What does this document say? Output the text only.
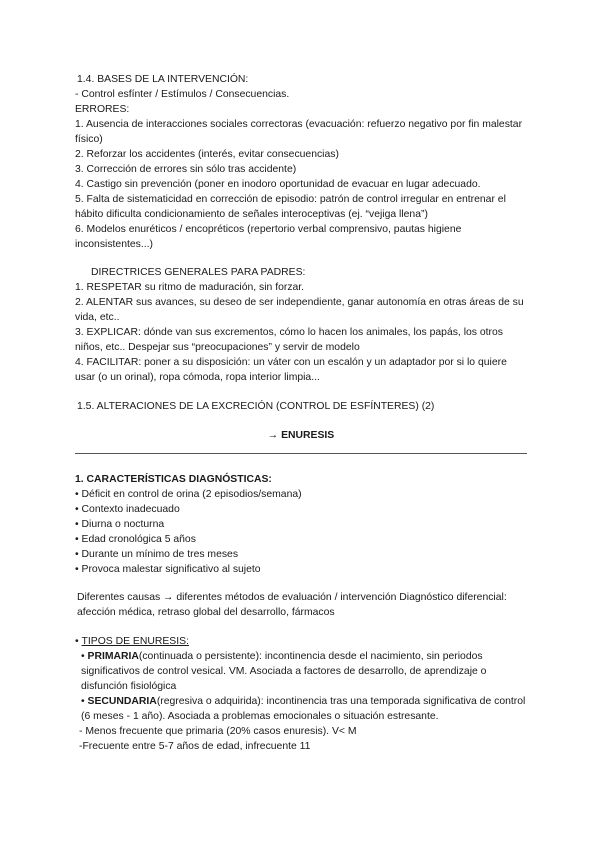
1.4. BASES DE LA INTERVENCIÓN:

- Control esfínter / Estímulos / Consecuencias.

ERRORES:

1. Ausencia de interacciones sociales correctoras (evacuación: refuerzo negativo por fin malestar físico)

2. Reforzar los accidentes (interés, evitar consecuencias)

3. Corrección de errores sin sólo tras accidente)

4. Castigo sin prevención (poner en inodoro oportunidad de evacuar en lugar adecuado.

5. Falta de sistematicidad en corrección de episodio: patrón de control irregular en entrenar el hábito dificulta condicionamiento de señales interoceptivas (ej. “vejiga llena”)

6. Modelos enuréticos / encopréticos (repertorio verbal comprensivo, pautas higiene inconsistentes...)

DIRECTRICES GENERALES PARA PADRES:

1. RESPETAR su ritmo de maduración, sin forzar.

2. ALENTAR sus avances, su deseo de ser independiente, ganar autonomía en otras áreas de su vida, etc..

3. EXPLICAR: dónde van sus excrementos, cómo lo hacen los animales, los papás, los otros niños, etc.. Despejar sus “preocupaciones” y servir de modelo

4. FACILITAR: poner a su disposición: un váter con un escalón y un adaptador por si lo quiere usar (o un orinal), ropa cómoda, ropa interior limpia...

1.5. ALTERACIONES DE LA EXCRECIÓN (CONTROL DE ESFÍNTERES) (2)

→ ENURESIS

1. CARACTERÍSTICAS DIAGNÓSTICAS:

• Déficit en control de orina (2 episodios/semana)

• Contexto inadecuado

• Diurna o nocturna

• Edad cronológica 5 años

• Durante un mínimo de tres meses

• Provoca malestar significativo al sujeto

Diferentes causas → diferentes métodos de evaluación / intervención Diagnóstico diferencial: afección médica, retraso global del desarrollo, fármacos

• TIPOS DE ENURESIS:

• PRIMARIA(continuada o persistente): incontinencia desde el nacimiento, sin periodos significativos de control vesical. VM. Asociada a factores de desarrollo, de aprendizaje o disfunción fisiológica

• SECUNDARIA(regresiva o adquirida): incontinencia tras una temporada significativa de control (6 meses - 1 año). Asociada a problemas emocionales o situación estresante.

- Menos frecuente que primaria (20% casos enuresis). V< M

-Frecuente entre 5-7 años de edad, infrecuente 11
